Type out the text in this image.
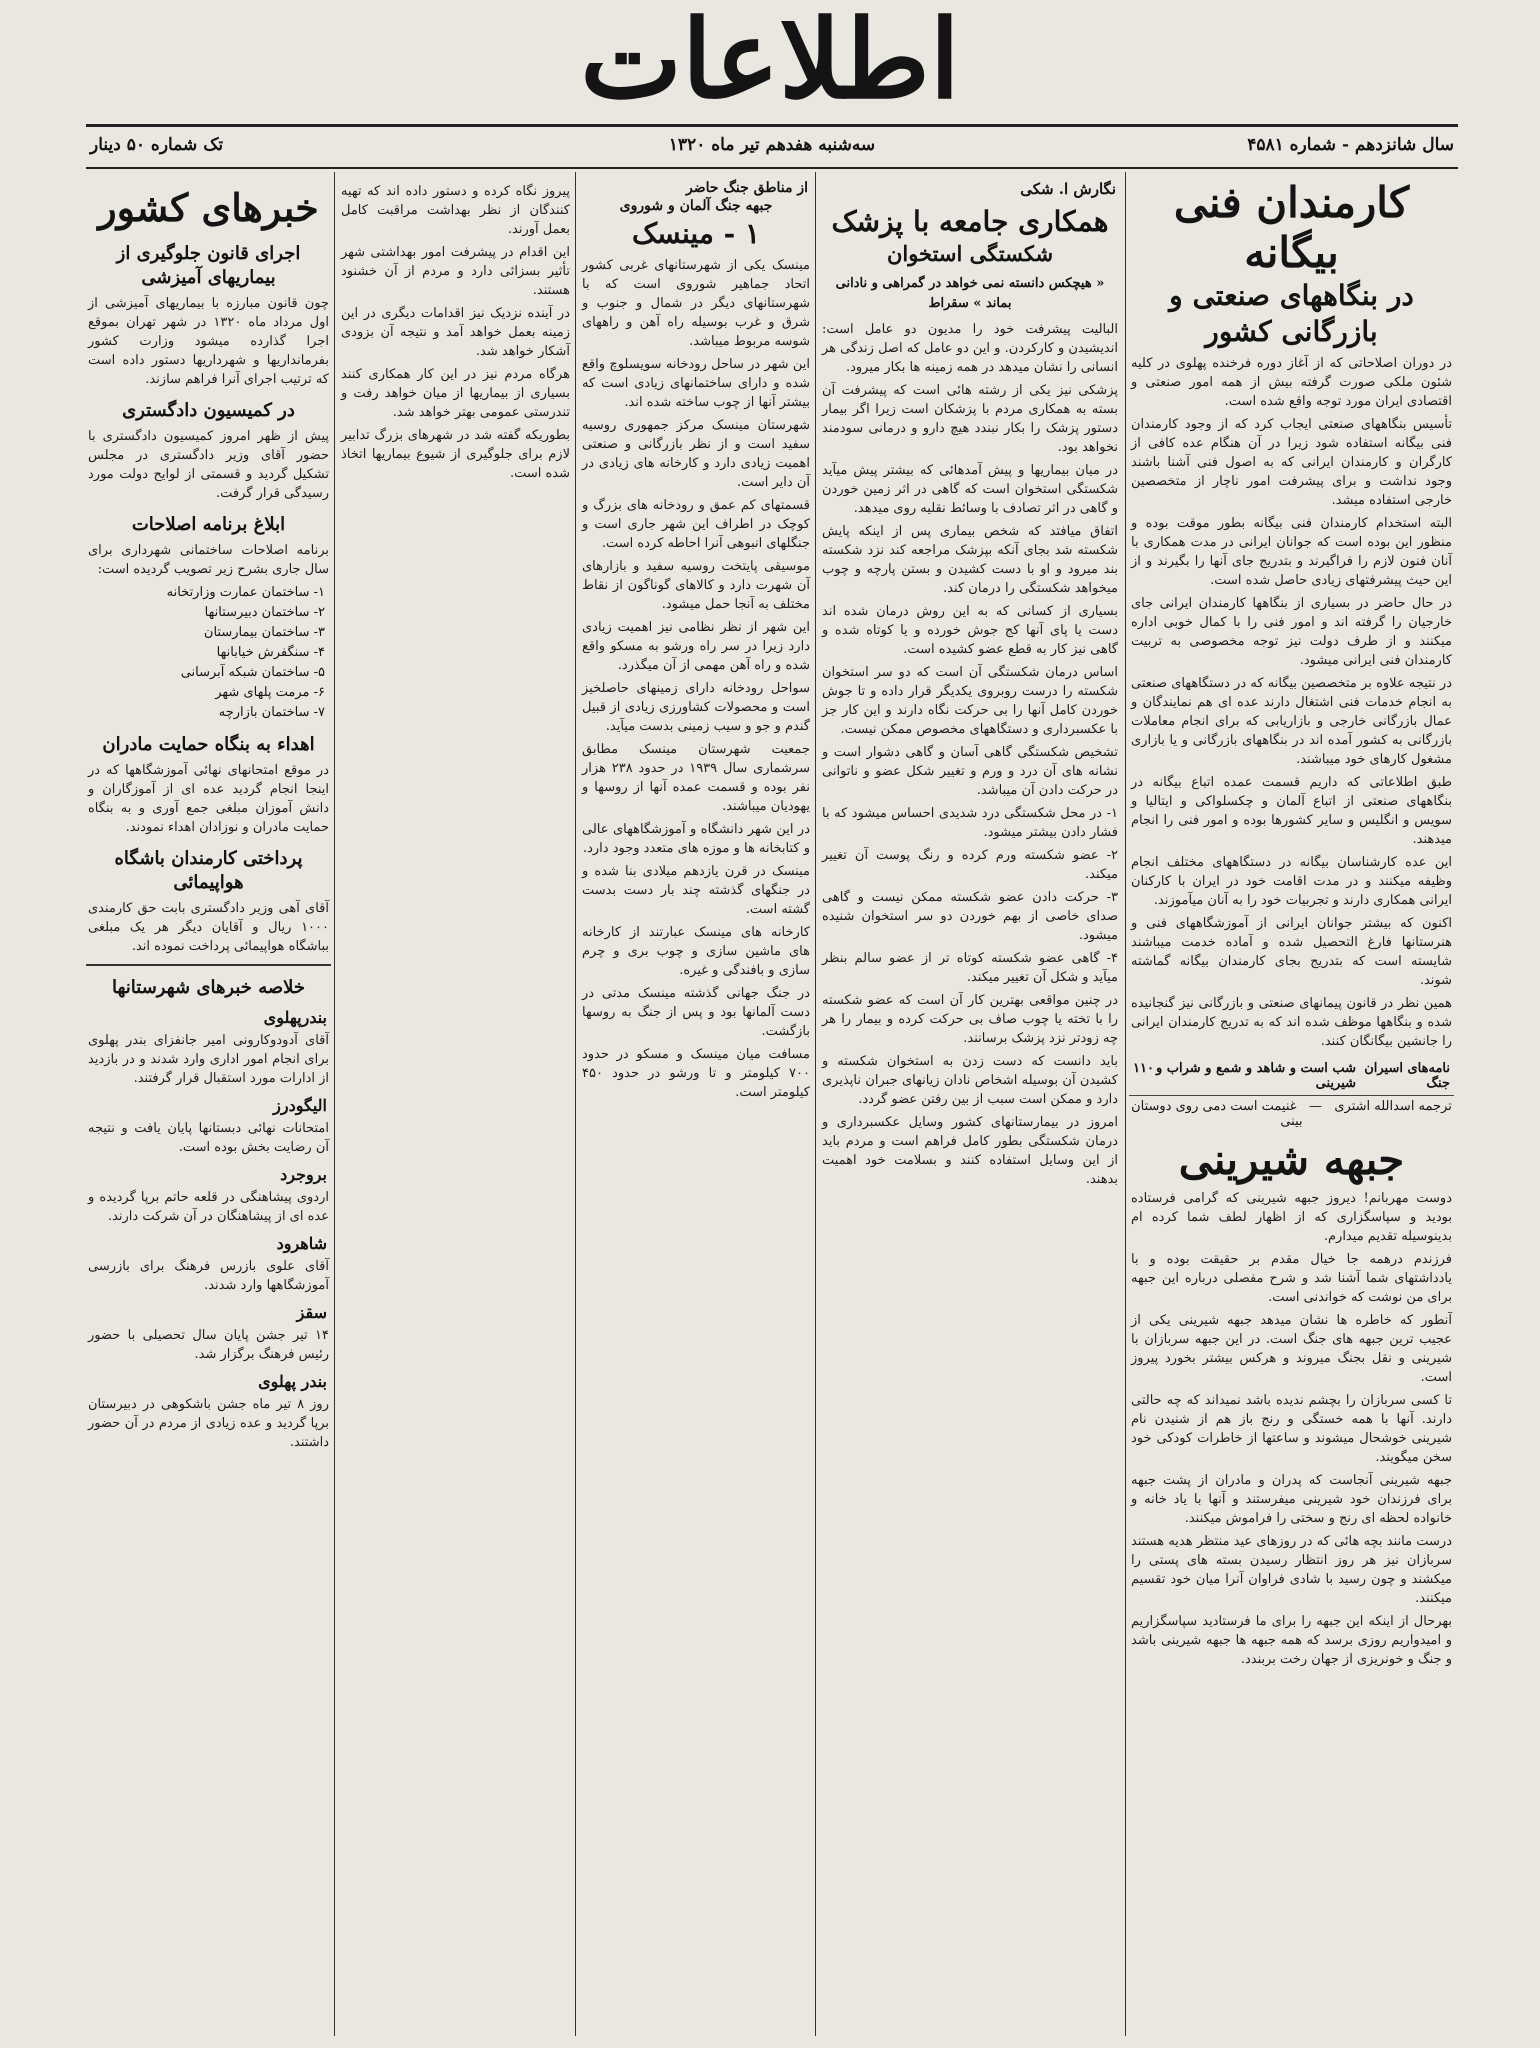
اطلاعات
سال شانزدهم - شماره ۴۵۸۱
سه‌شنبه هفدهم تیر ماه ۱۳۲۰
تک شماره ۵۰ دینار
کارمندان فنی بیگانه
در بنگاههای صنعتی و بازرگانی کشور

در دوران اصلاحاتی که از آغاز دوره فرخنده پهلوی در کلیه شئون ملکی صورت گرفته بیش از همه امور صنعتی و اقتصادی ایران مورد توجه واقع شده است.

تأسیس بنگاههای صنعتی ایجاب کرد که از وجود کارمندان فنی بیگانه استفاده شود زیرا در آن هنگام عده کافی از کارگران و کارمندان ایرانی که به اصول فنی آشنا باشند وجود نداشت و برای پیشرفت امور ناچار از متخصصین خارجی استفاده میشد.

البته استخدام کارمندان فنی بیگانه بطور موقت بوده و منظور این بوده است که جوانان ایرانی در مدت همکاری با آنان فنون لازم را فراگیرند و بتدریج جای آنها را بگیرند و از این حیث پیشرفتهای زیادی حاصل شده است.

در حال حاضر در بسیاری از بنگاهها کارمندان ایرانی جای خارجیان را گرفته اند و امور فنی را با کمال خوبی اداره میکنند و از طرف دولت نیز توجه مخصوصی به تربیت کارمندان فنی ایرانی میشود.

در نتیجه علاوه بر متخصصین بیگانه که در دستگاههای صنعتی به انجام خدمات فنی اشتغال دارند عده ای هم نمایندگان و عمال بازرگانی خارجی و بازاریابی که برای انجام معاملات بازرگانی به کشور آمده اند در بنگاههای بازرگانی و یا بازاری مشغول کارهای خود میباشند.

طبق اطلاعاتی که داریم قسمت عمده اتباع بیگانه در بنگاههای صنعتی از اتباع آلمان و چکسلواکی و ایتالیا و سویس و انگلیس و سایر کشورها بوده و امور فنی را انجام میدهند.

این عده کارشناسان بیگانه در دستگاههای مختلف انجام وظیفه میکنند و در مدت اقامت خود در ایران با کارکنان ایرانی همکاری دارند و تجربیات خود را به آنان میآموزند.

اکنون که بیشتر جوانان ایرانی از آموزشگاههای فنی و هنرستانها فارغ التحصیل شده و آماده خدمت میباشند شایسته است که بتدریج بجای کارمندان بیگانه گماشته شوند.

همین نظر در قانون پیمانهای صنعتی و بازرگانی نیز گنجانیده شده و بنگاهها موظف شده اند که به تدریج کارمندان ایرانی را جانشین بیگانگان کنند.

نامه‌های اسیران جنگ
شب است و شاهد و شمع و شراب و شیرینی
۱۱۰
ترجمه اسدالله اشتری   —   غنیمت است دمی روی دوستان بینی
جبهه شیرینی

دوست مهربانم! دیروز جبهه شیرینی که گرامی فرستاده بودید و سپاسگزاری که از اظهار لطف شما کرده ام بدینوسیله تقدیم میدارم.

فرزندم درهمه جا خیال مقدم بر حقیقت بوده و با یادداشتهای شما آشنا شد و شرح مفصلی درباره این جبهه برای من نوشت که خواندنی است.

آنطور که خاطره ها نشان میدهد جبهه شیرینی یکی از عجیب ترین جبهه های جنگ است. در این جبهه سربازان با شیرینی و نقل بجنگ میروند و هرکس بیشتر بخورد پیروز است.

تا کسی سربازان را بچشم ندیده باشد نمیداند که چه حالتی دارند. آنها با همه خستگی و رنج باز هم از شنیدن نام شیرینی خوشحال میشوند و ساعتها از خاطرات کودکی خود سخن میگویند.

جبهه شیرینی آنجاست که پدران و مادران از پشت جبهه برای فرزندان خود شیرینی میفرستند و آنها با یاد خانه و خانواده لحظه ای رنج و سختی را فراموش میکنند.

درست مانند بچه هائی که در روزهای عید منتظر هدیه هستند سربازان نیز هر روز انتظار رسیدن بسته های پستی را میکشند و چون رسید با شادی فراوان آنرا میان خود تقسیم میکنند.

بهرحال از اینکه این جبهه را برای ما فرستادید سپاسگزاریم و امیدواریم روزی برسد که همه جبهه ها جبهه شیرینی باشد و جنگ و خونریزی از جهان رخت بربندد.

نگارش ا. شکی
همکاری جامعه با پزشک
شکستگی استخوان
« هیچکس دانسته نمی خواهد در گمراهی و نادانی بماند » سقراط

البالیت پیشرفت خود را مدیون دو عامل است: اندیشیدن و کارکردن. و این دو عامل که اصل زندگی هر انسانی را نشان میدهد در همه زمینه ها بکار میرود.

پزشکی نیز یکی از رشته هائی است که پیشرفت آن بسته به همکاری مردم با پزشکان است زیرا اگر بیمار دستور پزشک را بکار نبندد هیچ دارو و درمانی سودمند نخواهد بود.

در میان بیماریها و پیش آمدهائی که بیشتر پیش میآید شکستگی استخوان است که گاهی در اثر زمین خوردن و گاهی در اثر تصادف با وسائط نقلیه روی میدهد.

اتفاق میافتد که شخص بیماری پس از اینکه پایش شکسته شد بجای آنکه بپزشک مراجعه کند نزد شکسته بند میرود و او با دست کشیدن و بستن پارچه و چوب میخواهد شکستگی را درمان کند.

بسیاری از کسانی که به این روش درمان شده اند دست یا پای آنها کج جوش خورده و یا کوتاه شده و گاهی نیز کار به قطع عضو کشیده است.

اساس درمان شکستگی آن است که دو سر استخوان شکسته را درست روبروی یکدیگر قرار داده و تا جوش خوردن کامل آنها را بی حرکت نگاه دارند و این کار جز با عکسبرداری و دستگاههای مخصوص ممکن نیست.

تشخیص شکستگی گاهی آسان و گاهی دشوار است و نشانه های آن درد و ورم و تغییر شکل عضو و ناتوانی در حرکت دادن آن میباشد.

۱- در محل شکستگی درد شدیدی احساس میشود که با فشار دادن بیشتر میشود.

۲- عضو شکسته ورم کرده و رنگ پوست آن تغییر میکند.

۳- حرکت دادن عضو شکسته ممکن نیست و گاهی صدای خاصی از بهم خوردن دو سر استخوان شنیده میشود.

۴- گاهی عضو شکسته کوتاه تر از عضو سالم بنظر میآید و شکل آن تغییر میکند.

در چنین مواقعی بهترین کار آن است که عضو شکسته را با تخته یا چوب صاف بی حرکت کرده و بیمار را هر چه زودتر نزد پزشک برسانند.

باید دانست که دست زدن به استخوان شکسته و کشیدن آن بوسیله اشخاص نادان زیانهای جبران ناپذیری دارد و ممکن است سبب از بین رفتن عضو گردد.

امروز در بیمارستانهای کشور وسایل عکسبرداری و درمان شکستگی بطور کامل فراهم است و مردم باید از این وسایل استفاده کنند و بسلامت خود اهمیت بدهند.

از مناطق جنگ حاضر
جبهه جنگ آلمان و شوروی
۱ - مینسک

مینسک یکی از شهرستانهای غربی کشور اتحاد جماهیر شوروی است که با شهرستانهای دیگر در شمال و جنوب و شرق و غرب بوسیله راه آهن و راههای شوسه مربوط میباشد.

این شهر در ساحل رودخانه سویسلوچ واقع شده و دارای ساختمانهای زیادی است که بیشتر آنها از چوب ساخته شده اند.

شهرستان مینسک مرکز جمهوری روسیه سفید است و از نظر بازرگانی و صنعتی اهمیت زیادی دارد و کارخانه های زیادی در آن دایر است.

قسمتهای کم عمق و رودخانه های بزرگ و کوچک در اطراف این شهر جاری است و جنگلهای انبوهی آنرا احاطه کرده است.

موسیقی پایتخت روسیه سفید و بازارهای آن شهرت دارد و کالاهای گوناگون از نقاط مختلف به آنجا حمل میشود.

این شهر از نظر نظامی نیز اهمیت زیادی دارد زیرا در سر راه ورشو به مسکو واقع شده و راه آهن مهمی از آن میگذرد.

سواحل رودخانه دارای زمینهای حاصلخیز است و محصولات کشاورزی زیادی از قبیل گندم و جو و سیب زمینی بدست میآید.

جمعیت شهرستان مینسک مطابق سرشماری سال ۱۹۳۹ در حدود ۲۳۸ هزار نفر بوده و قسمت عمده آنها از روسها و یهودیان میباشند.

در این شهر دانشگاه و آموزشگاههای عالی و کتابخانه ها و موزه های متعدد وجود دارد.

مینسک در قرن یازدهم میلادی بنا شده و در جنگهای گذشته چند بار دست بدست گشته است.

کارخانه های مینسک عبارتند از کارخانه های ماشین سازی و چوب بری و چرم سازی و بافندگی و غیره.

در جنگ جهانی گذشته مینسک مدتی در دست آلمانها بود و پس از جنگ به روسها بازگشت.

مسافت میان مینسک و مسکو در حدود ۷۰۰ کیلومتر و تا ورشو در حدود ۴۵۰ کیلومتر است.

پیروز نگاه کرده و دستور داده اند که تهیه کنندگان از نظر بهداشت مراقبت کامل بعمل آورند.

این اقدام در پیشرفت امور بهداشتی شهر تأثیر بسزائی دارد و مردم از آن خشنود هستند.

در آینده نزدیک نیز اقدامات دیگری در این زمینه بعمل خواهد آمد و نتیجه آن بزودی آشکار خواهد شد.

هرگاه مردم نیز در این کار همکاری کنند بسیاری از بیماریها از میان خواهد رفت و تندرستی عمومی بهتر خواهد شد.

بطوریکه گفته شد در شهرهای بزرگ تدابیر لازم برای جلوگیری از شیوع بیماریها اتخاذ شده است.

خبرهای کشور
اجرای قانون جلوگیری از بیماریهای آمیزشی

چون قانون مبارزه با بیماریهای آمیزشی از اول مرداد ماه ۱۳۲۰ در شهر تهران بموقع اجرا گذارده میشود وزارت کشور بفرمانداریها و شهرداریها دستور داده است که ترتیب اجرای آنرا فراهم سازند.

در کمیسیون دادگستری

پیش از ظهر امروز کمیسیون دادگستری با حضور آقای وزیر دادگستری در مجلس تشکیل گردید و قسمتی از لوایح دولت مورد رسیدگی قرار گرفت.

ابلاغ برنامه اصلاحات

برنامه اصلاحات ساختمانی شهرداری برای سال جاری بشرح زیر تصویب گردیده است:

۱- ساختمان عمارت وزارتخانه
۲- ساختمان دبیرستانها
۳- ساختمان بیمارستان
۴- سنگفرش خیابانها
۵- ساختمان شبکه آبرسانی
۶- مرمت پلهای شهر
۷- ساختمان بازارچه
اهداء به بنگاه حمایت مادران

در موقع امتحانهای نهائی آموزشگاهها که در اینجا انجام گردید عده ای از آموزگاران و دانش آموزان مبلغی جمع آوری و به بنگاه حمایت مادران و نوزادان اهداء نمودند.

پرداختی کارمندان باشگاه هواپیمائی

آقای آهی وزیر دادگستری بابت حق کارمندی ۱۰۰۰ ریال و آقایان دیگر هر یک مبلغی بباشگاه هواپیمائی پرداخت نموده اند.

خلاصه خبرهای شهرستانها
بندرپهلوی

آقای آدودوکارونی امیر جانفزای بندر پهلوی برای انجام امور اداری وارد شدند و در بازدید از ادارات مورد استقبال قرار گرفتند.

الیگودرز

امتحانات نهائی دبستانها پایان یافت و نتیجه آن رضایت بخش بوده است.

بروجرد

اردوی پیشاهنگی در قلعه حاتم برپا گردیده و عده ای از پیشاهنگان در آن شرکت دارند.

شاهرود

آقای علوی بازرس فرهنگ برای بازرسی آموزشگاهها وارد شدند.

سقز

۱۴ تیر جشن پایان سال تحصیلی با حضور رئیس فرهنگ برگزار شد.

بندر پهلوی

روز ۸ تیر ماه جشن باشکوهی در دبیرستان برپا گردید و عده زیادی از مردم در آن حضور داشتند.
